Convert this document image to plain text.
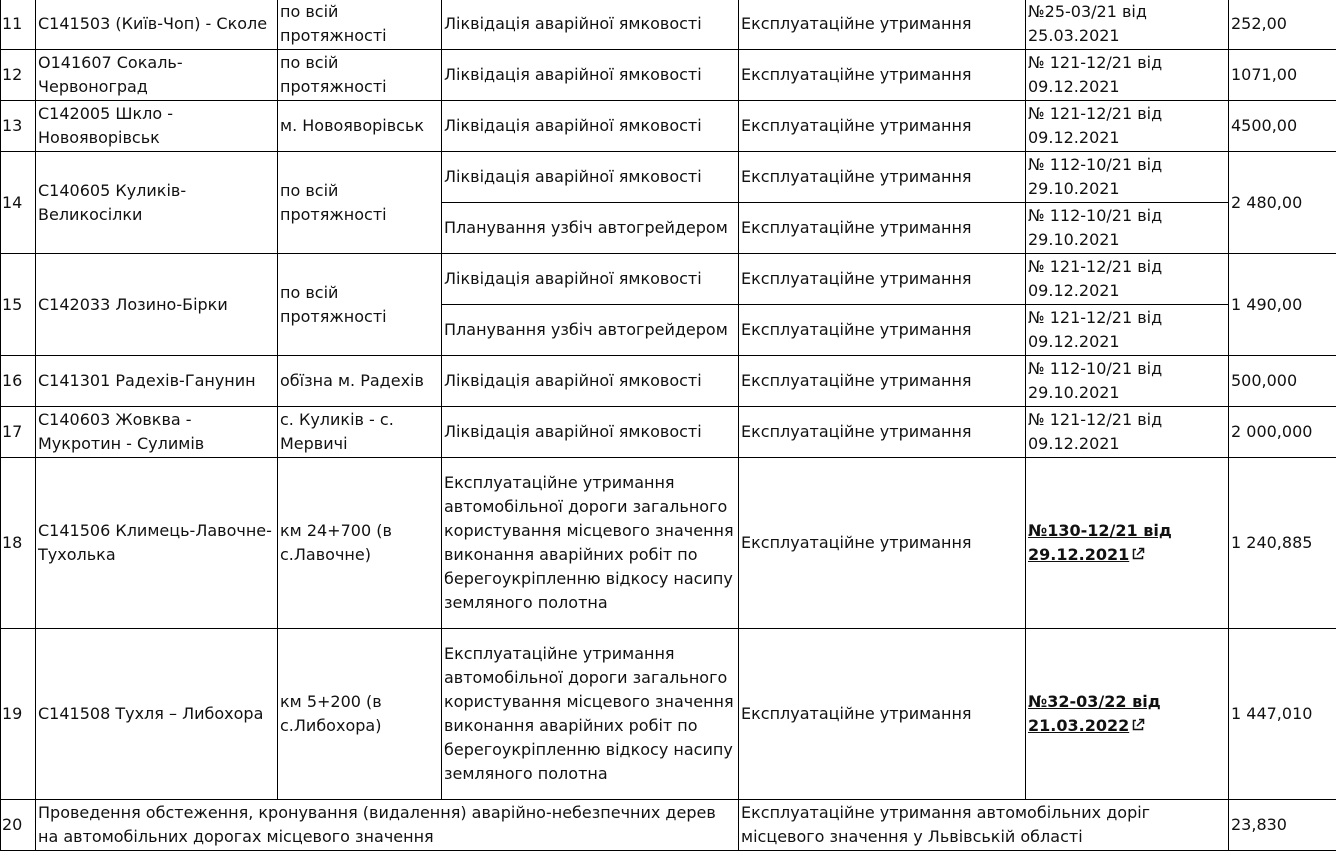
11	С141503 (Київ-Чоп) - Сколе	по всій протяжності	Ліквідація аварійної ямковості	Експлуатаційне утримання	№25-03/21 від 25.03.2021	252,00
12	О141607 Сокаль-Червоноград	по всій протяжності	Ліквідація аварійної ямковості	Експлуатаційне утримання	№ 121-12/21 від 09.12.2021	1071,00
13	С142005 Шкло - Новояворівськ	м. Новояворівськ	Ліквідація аварійної ямковості	Експлуатаційне утримання	№ 121-12/21 від 09.12.2021	4500,00
14	С140605 Куликів-Великосілки	по всій протяжності	Ліквідація аварійної ямковості	Експлуатаційне утримання	№ 112-10/21 від 29.10.2021	2 480,00
			Планування узбіч автогрейдером	Експлуатаційне утримання	№ 112-10/21 від 29.10.2021	
15	С142033 Лозино-Бірки	по всій протяжності	Ліквідація аварійної ямковості	Експлуатаційне утримання	№ 121-12/21 від 09.12.2021	1 490,00
			Планування узбіч автогрейдером	Експлуатаційне утримання	№ 121-12/21 від 09.12.2021	
16	С141301 Радехів-Ганунин	обїзна м. Радехів	Ліквідація аварійної ямковості	Експлуатаційне утримання	№ 112-10/21 від 29.10.2021	500,000
17	С140603 Жовква - Мукротин - Сулимів	с. Куликів - с. Мервичі	Ліквідація аварійної ямковості	Експлуатаційне утримання	№ 121-12/21 від 09.12.2021	2 000,000
18	С141506 Климець-Лавочне-Тухолька	км 24+700 (в с.Лавочне)	Експлуатаційне утримання автомобільної дороги загального користування місцевого значення виконання аварійних робіт по берегоукріпленню відкосу насипу земляного полотна	Експлуатаційне утримання	№130-12/21 від 29.12.2021	1 240,885
19	С141508 Тухля – Либохора	км 5+200 (в с.Либохора)	Експлуатаційне утримання автомобільної дороги загального користування місцевого значення виконання аварійних робіт по берегоукріпленню відкосу насипу земляного полотна	Експлуатаційне утримання	№32-03/22 від 21.03.2022	1 447,010
20	Проведення обстеження, кронування (видалення) аварійно-небезпечних дерев на автомобільних дорогах місцевого значення			Експлуатаційне утримання автомобільних доріг місцевого значення у Львівській області		23,830
